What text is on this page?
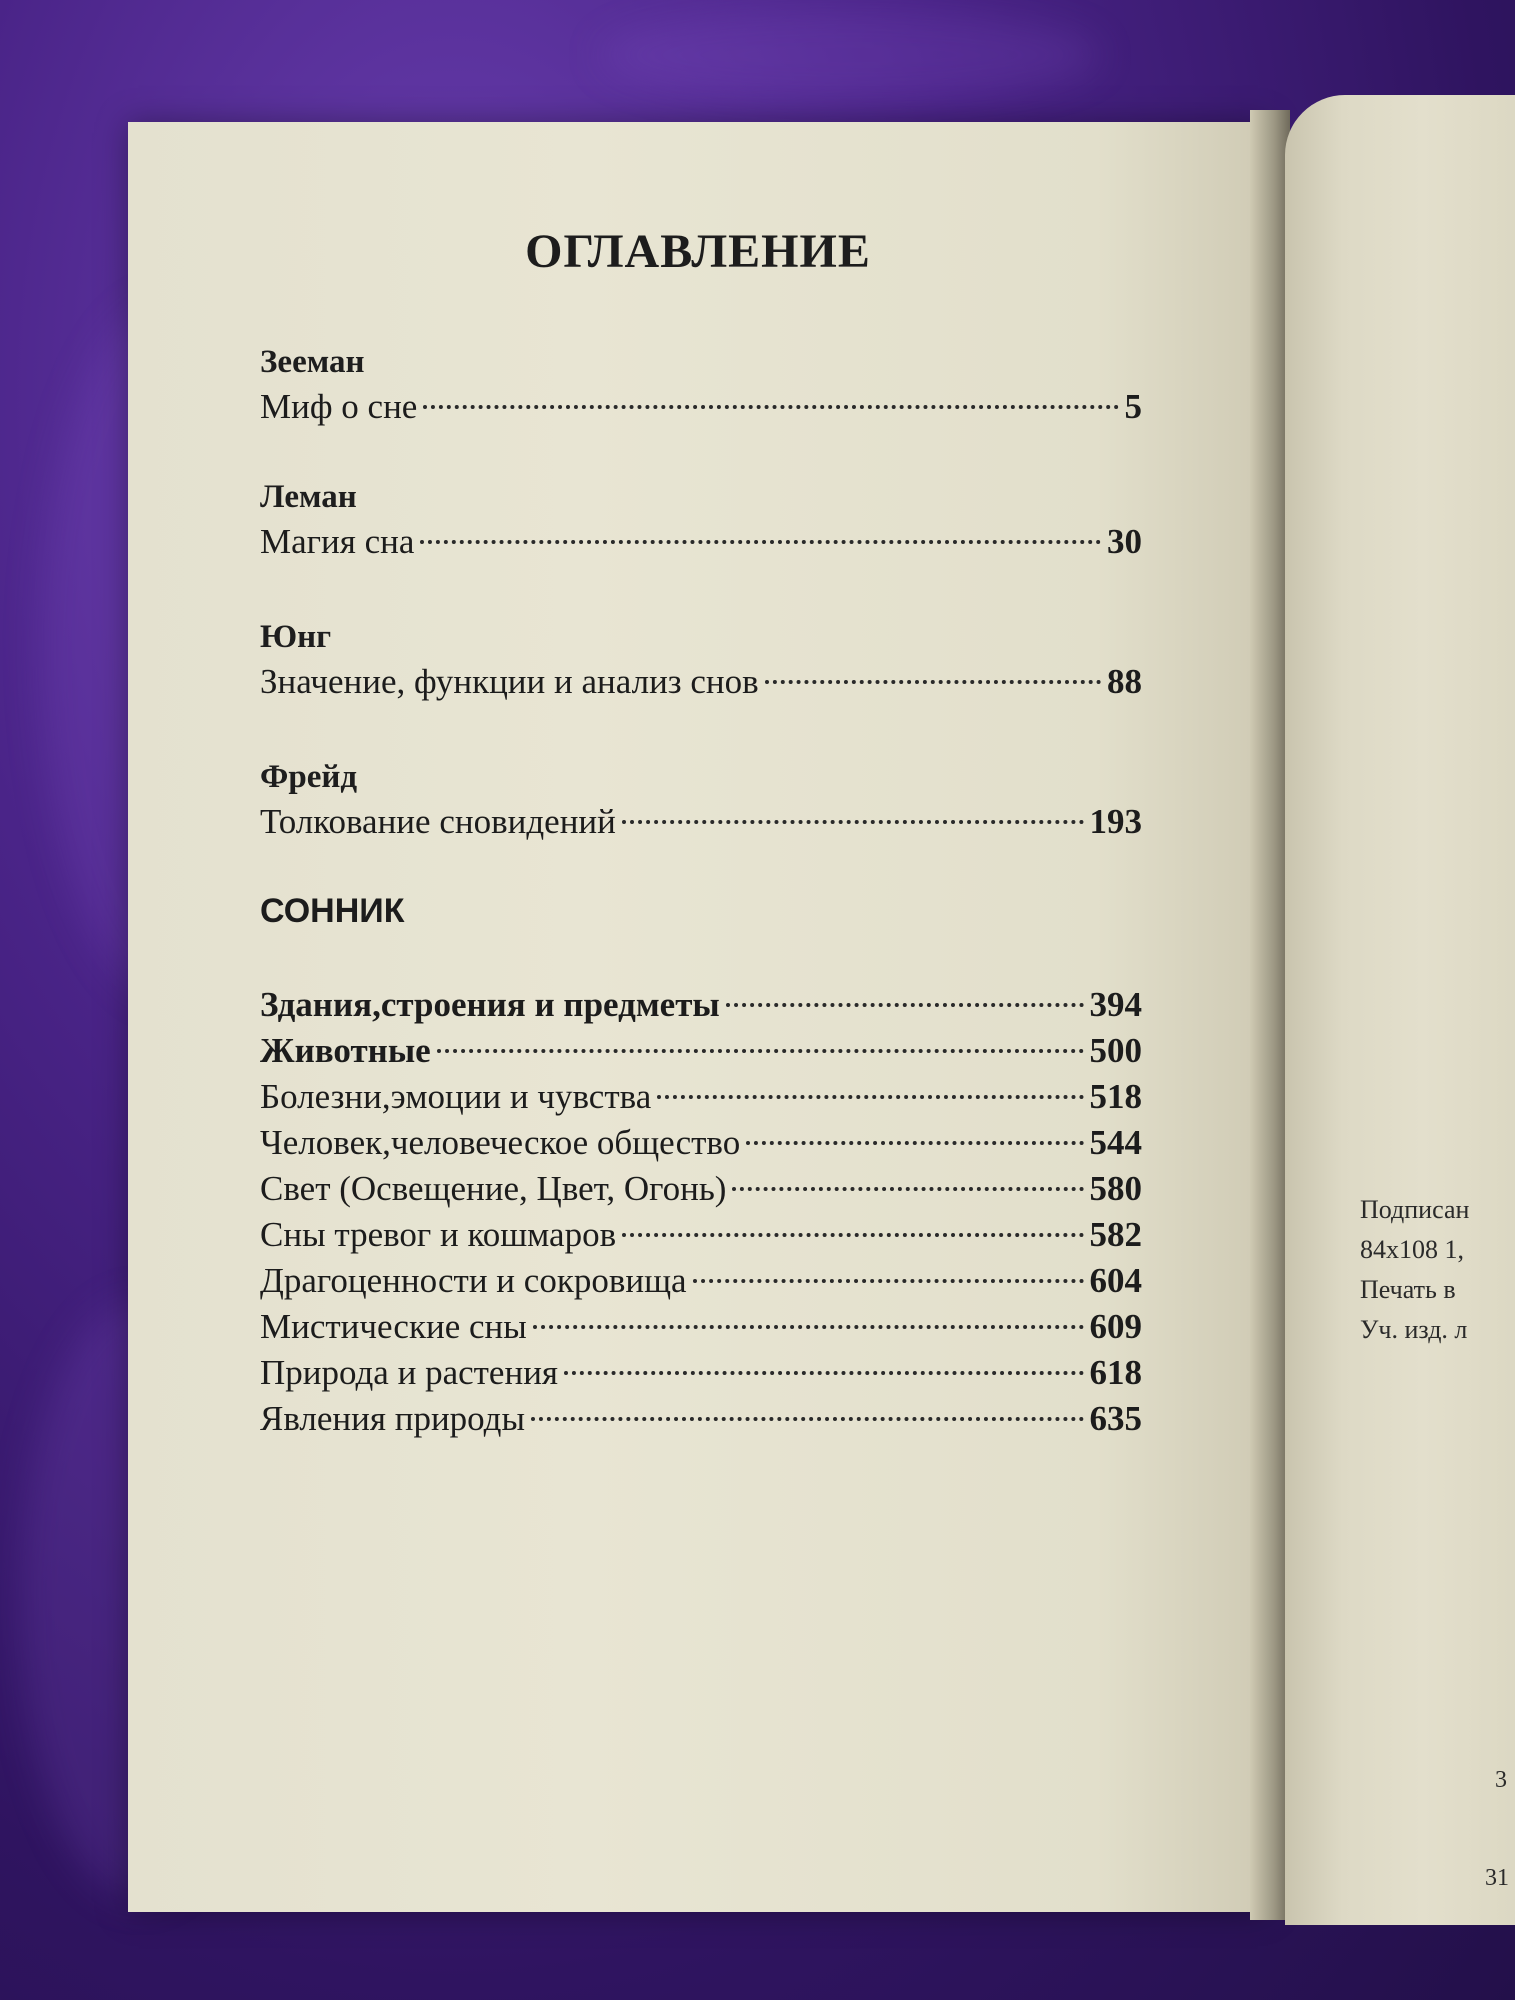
ОГЛАВЛЕНИЕ
Зееман
Миф о сне	5
Леман
Магия сна	30
Юнг
Значение, функции и анализ снов	88
Фрейд
Толкование сновидений	193
СОННИК
Здания,строения и предметы	394
Животные	500
Болезни,эмоции и чувства	518
Человек,человеческое общество	544
Свет (Освещение, Цвет, Огонь)	580
Сны тревог и кошмаров	582
Драгоценности и сокровища	604
Мистические сны	609
Природа и растения	618
Явления природы	635
Подписан
84х108 1,
Печать в
Уч. изд. л
3
31
